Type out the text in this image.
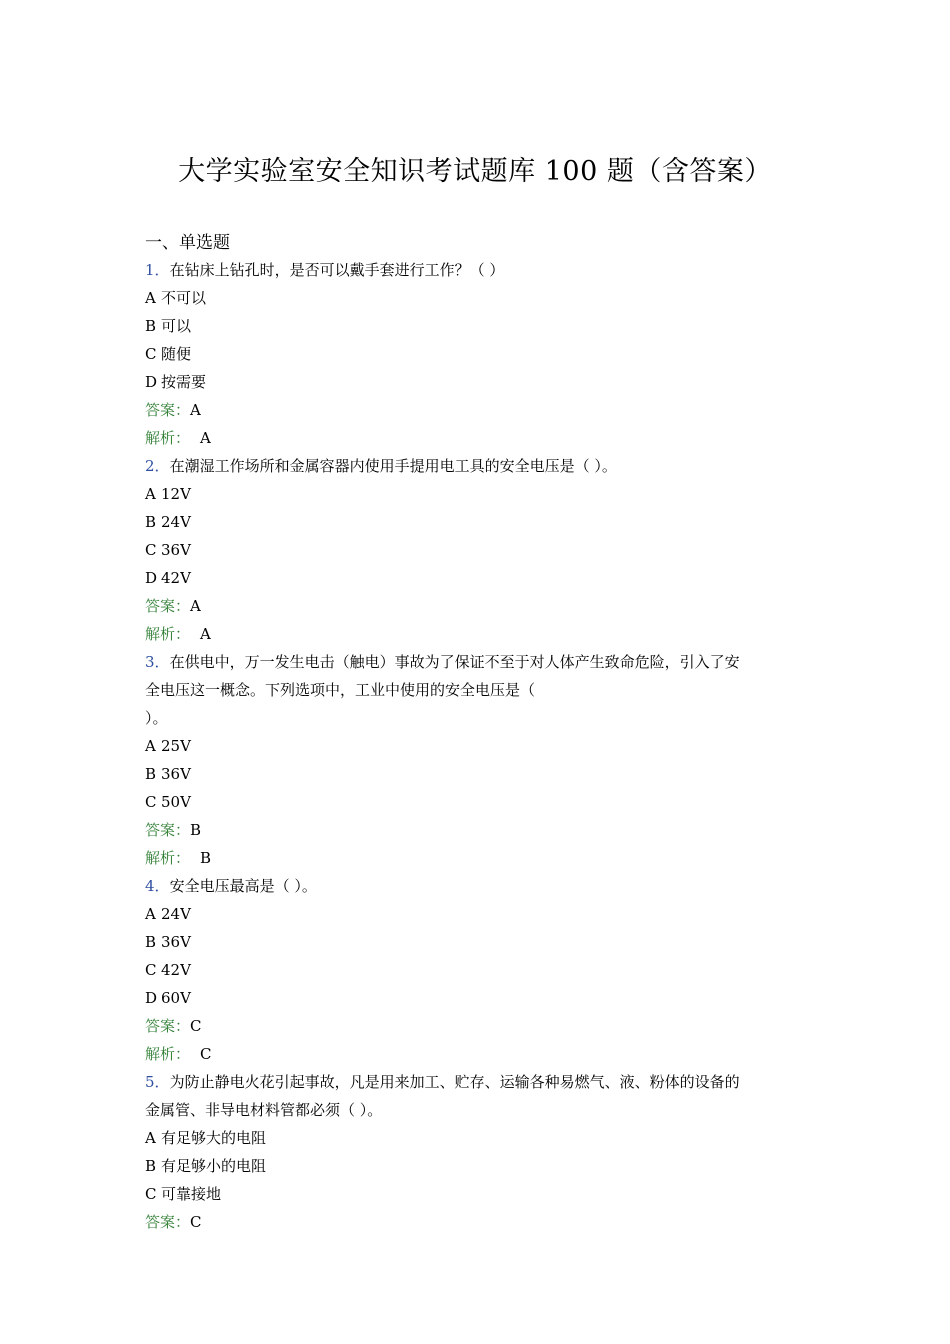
大学实验室安全知识考试题库 100 题（含答案）
一、单选题
1．在钻床上钻孔时，是否可以戴手套进行工作？（ ）
A 不可以
B 可以
C 随便
D 按需要
答案：A
解析： A
2．在潮湿工作场所和金属容器内使用手提用电工具的安全电压是（ ）。
A 12V
B 24V
C 36V
D 42V
答案：A
解析： A
3．在供电中，万一发生电击（触电）事故为了保证不至于对人体产生致命危险，引入了安
全电压这一概念。下列选项中，工业中使用的安全电压是（
）。
A 25V
B 36V
C 50V
答案：B
解析： B
4．安全电压最高是（ ）。
A 24V
B 36V
C 42V
D 60V
答案：C
解析： C
5．为防止静电火花引起事故，凡是用来加工、贮存、运输各种易燃气、液、粉体的设备的
金属管、非导电材料管都必须（ ）。
A 有足够大的电阻
B 有足够小的电阻
C 可靠接地
答案：C
